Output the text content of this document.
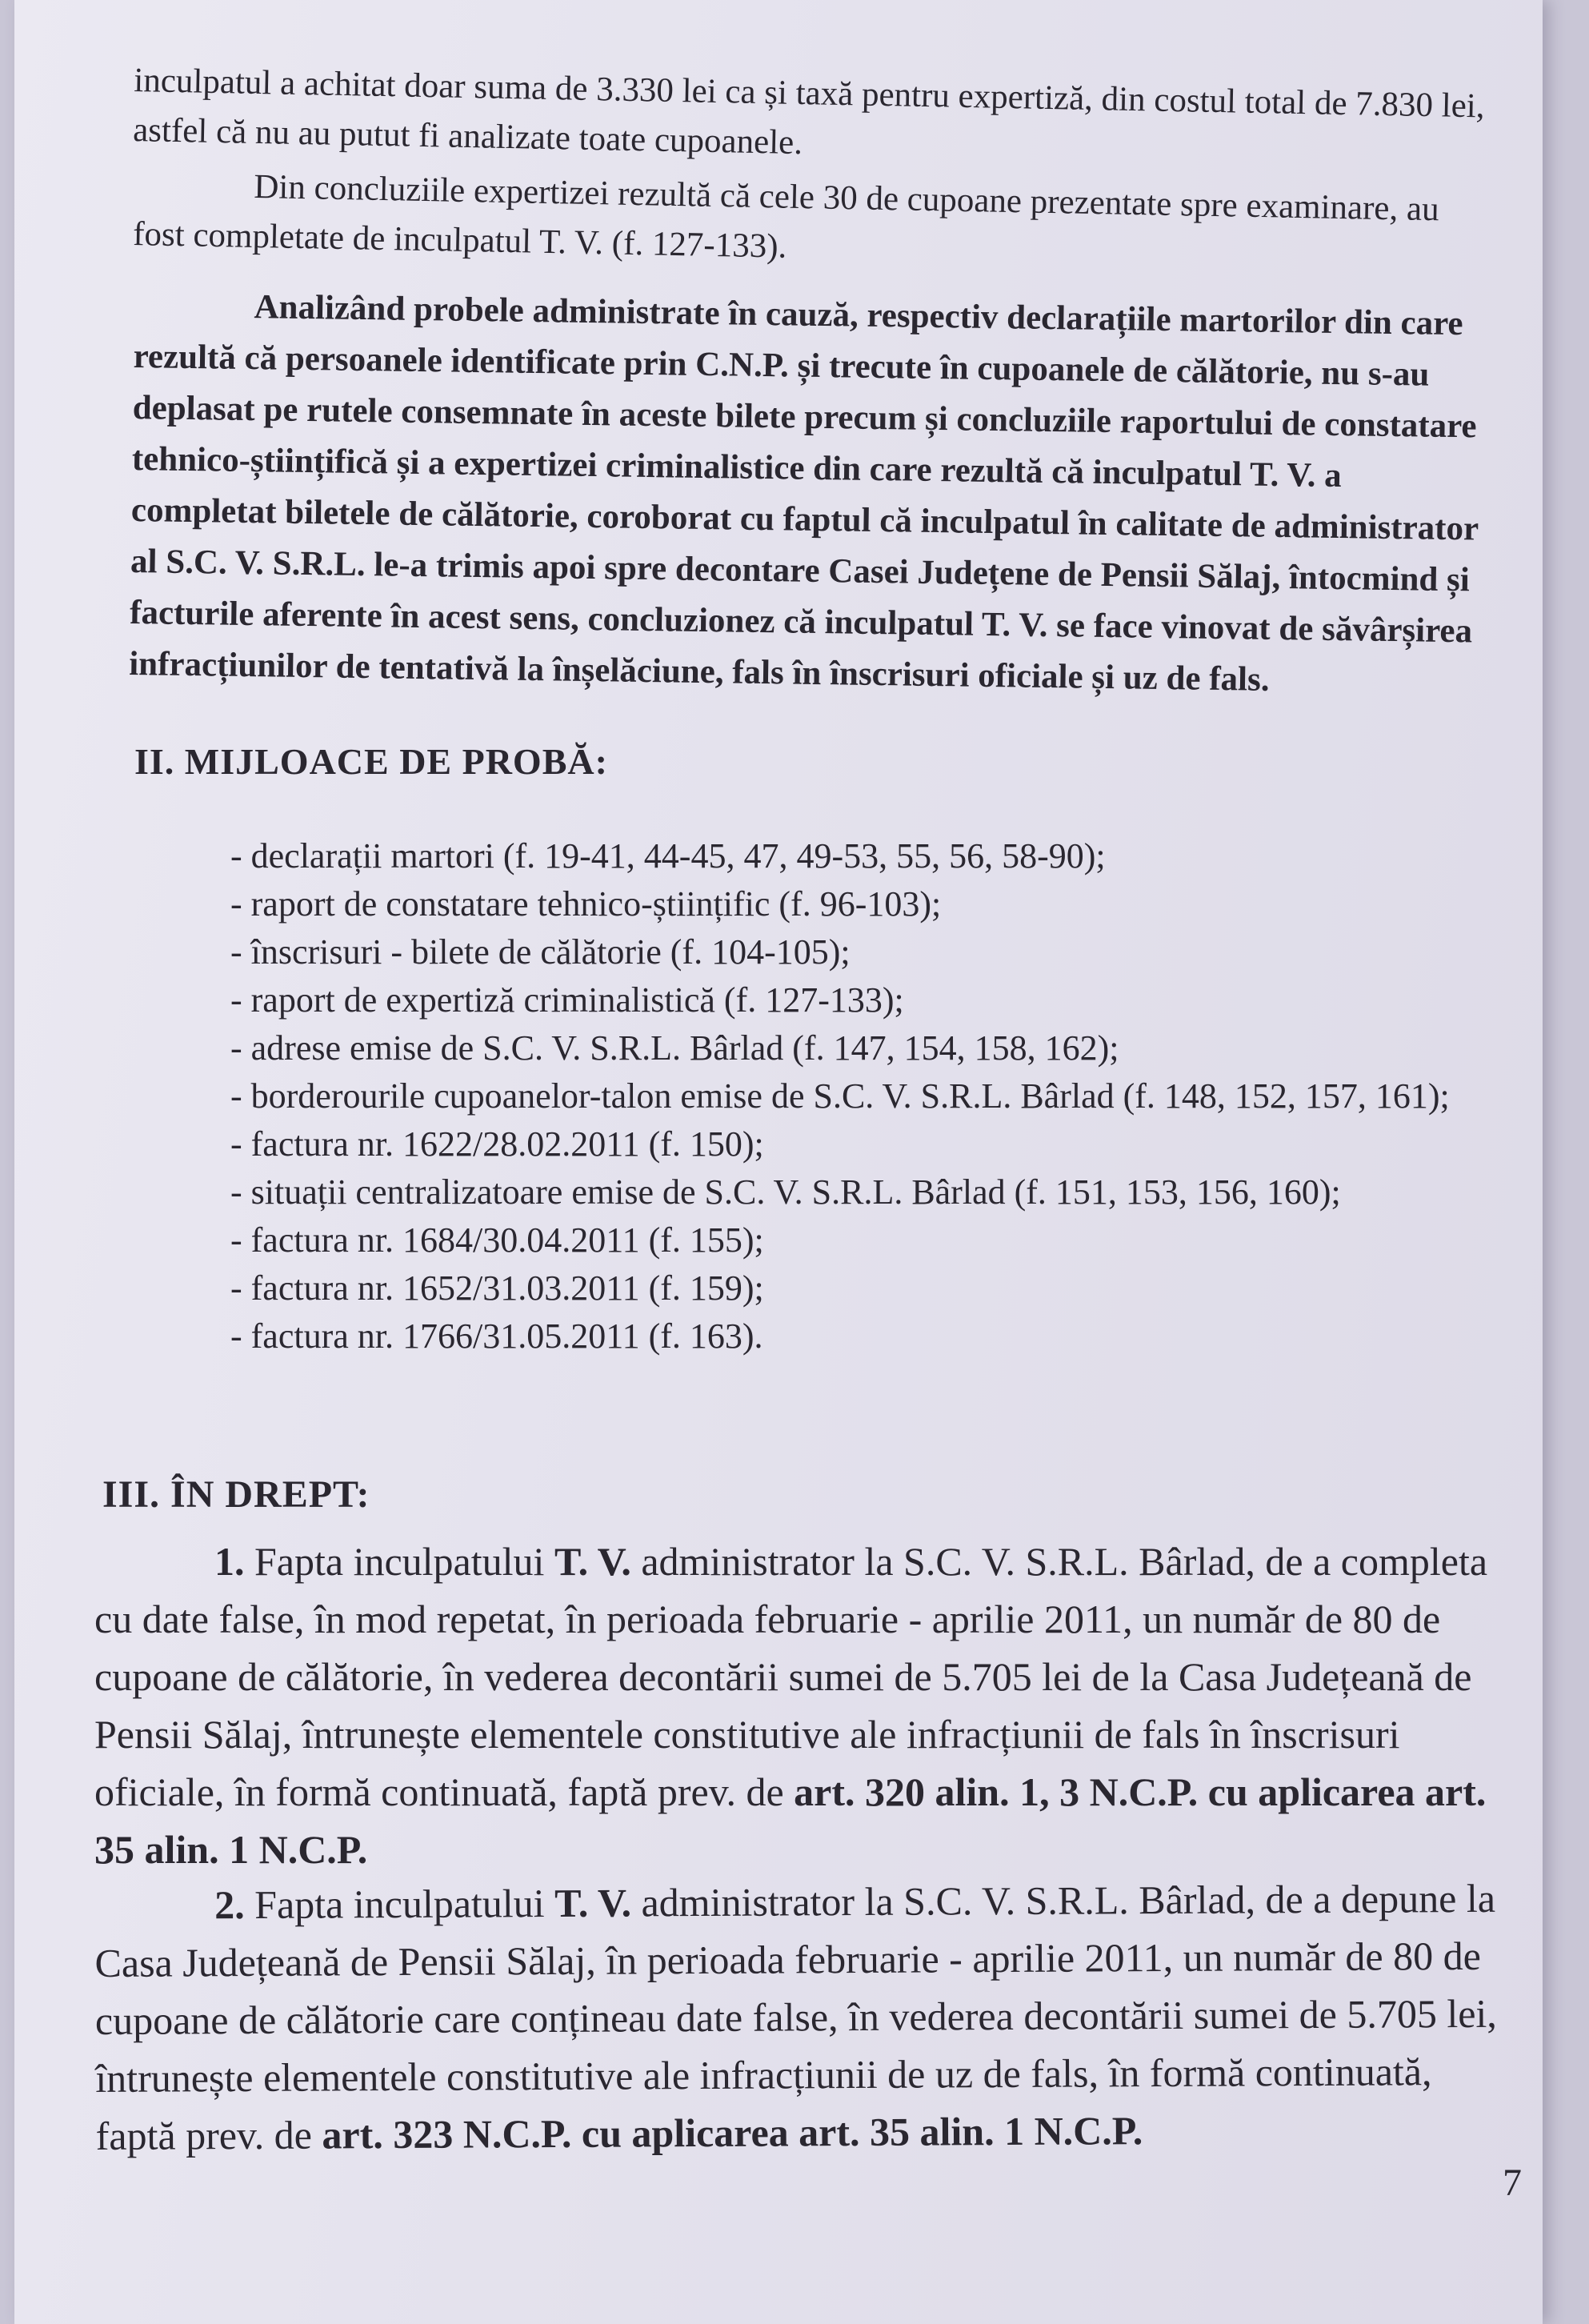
inculpatul a achitat doar suma de 3.330 lei ca și taxă pentru expertiză, din costul total de 7.830 lei, astfel că nu au putut fi analizate toate cupoanele.
Din concluziile expertizei rezultă că cele 30 de cupoane prezentate spre examinare, au fost completate de inculpatul T. V. (f. 127-133).
Analizând probele administrate în cauză, respectiv declarațiile martorilor din care rezultă că persoanele identificate prin C.N.P. și trecute în cupoanele de călătorie, nu s-au deplasat pe rutele consemnate în aceste bilete precum și concluziile raportului de constatare tehnico-științifică și a expertizei criminalistice din care rezultă că inculpatul T. V. a completat biletele de călătorie, coroborat cu faptul că inculpatul în calitate de administrator al S.C. V. S.R.L. le-a trimis apoi spre decontare Casei Județene de Pensii Sălaj, întocmind și facturile aferente în acest sens, concluzionez că inculpatul T. V. se face vinovat de săvârșirea infracțiunilor de tentativă la înșelăciune, fals în înscrisuri oficiale și uz de fals.
II. MIJLOACE DE PROBĂ:
- declarații martori (f. 19-41, 44-45, 47, 49-53, 55, 56, 58-90);
- raport de constatare tehnico-științific (f. 96-103);
- înscrisuri - bilete de călătorie (f. 104-105);
- raport de expertiză criminalistică (f. 127-133);
- adrese emise de S.C. V. S.R.L. Bârlad (f. 147, 154, 158, 162);
- borderourile cupoanelor-talon emise de S.C. V. S.R.L. Bârlad (f. 148, 152, 157, 161);
- factura nr. 1622/28.02.2011 (f. 150);
- situații centralizatoare emise de S.C. V. S.R.L. Bârlad (f. 151, 153, 156, 160);
- factura nr. 1684/30.04.2011 (f. 155);
- factura nr. 1652/31.03.2011 (f. 159);
- factura nr. 1766/31.05.2011 (f. 163).
III. ÎN DREPT:
1. Fapta inculpatului T. V. administrator la S.C. V. S.R.L. Bârlad, de a completa cu date false, în mod repetat, în perioada februarie - aprilie 2011, un număr de 80 de cupoane de călătorie, în vederea decontării sumei de 5.705 lei de la Casa Județeană de Pensii Sălaj, întrunește elementele constitutive ale infracțiunii de fals în înscrisuri oficiale, în formă continuată, faptă prev. de art. 320 alin. 1, 3 N.C.P. cu aplicarea art. 35 alin. 1 N.C.P.
2. Fapta inculpatului T. V. administrator la S.C. V. S.R.L. Bârlad, de a depune la Casa Județeană de Pensii Sălaj, în perioada februarie - aprilie 2011, un număr de 80 de cupoane de călătorie care conțineau date false, în vederea decontării sumei de 5.705 lei, întrunește elementele constitutive ale infracțiunii de uz de fals, în formă continuată, faptă prev. de art. 323 N.C.P. cu aplicarea art. 35 alin. 1 N.C.P.
7
